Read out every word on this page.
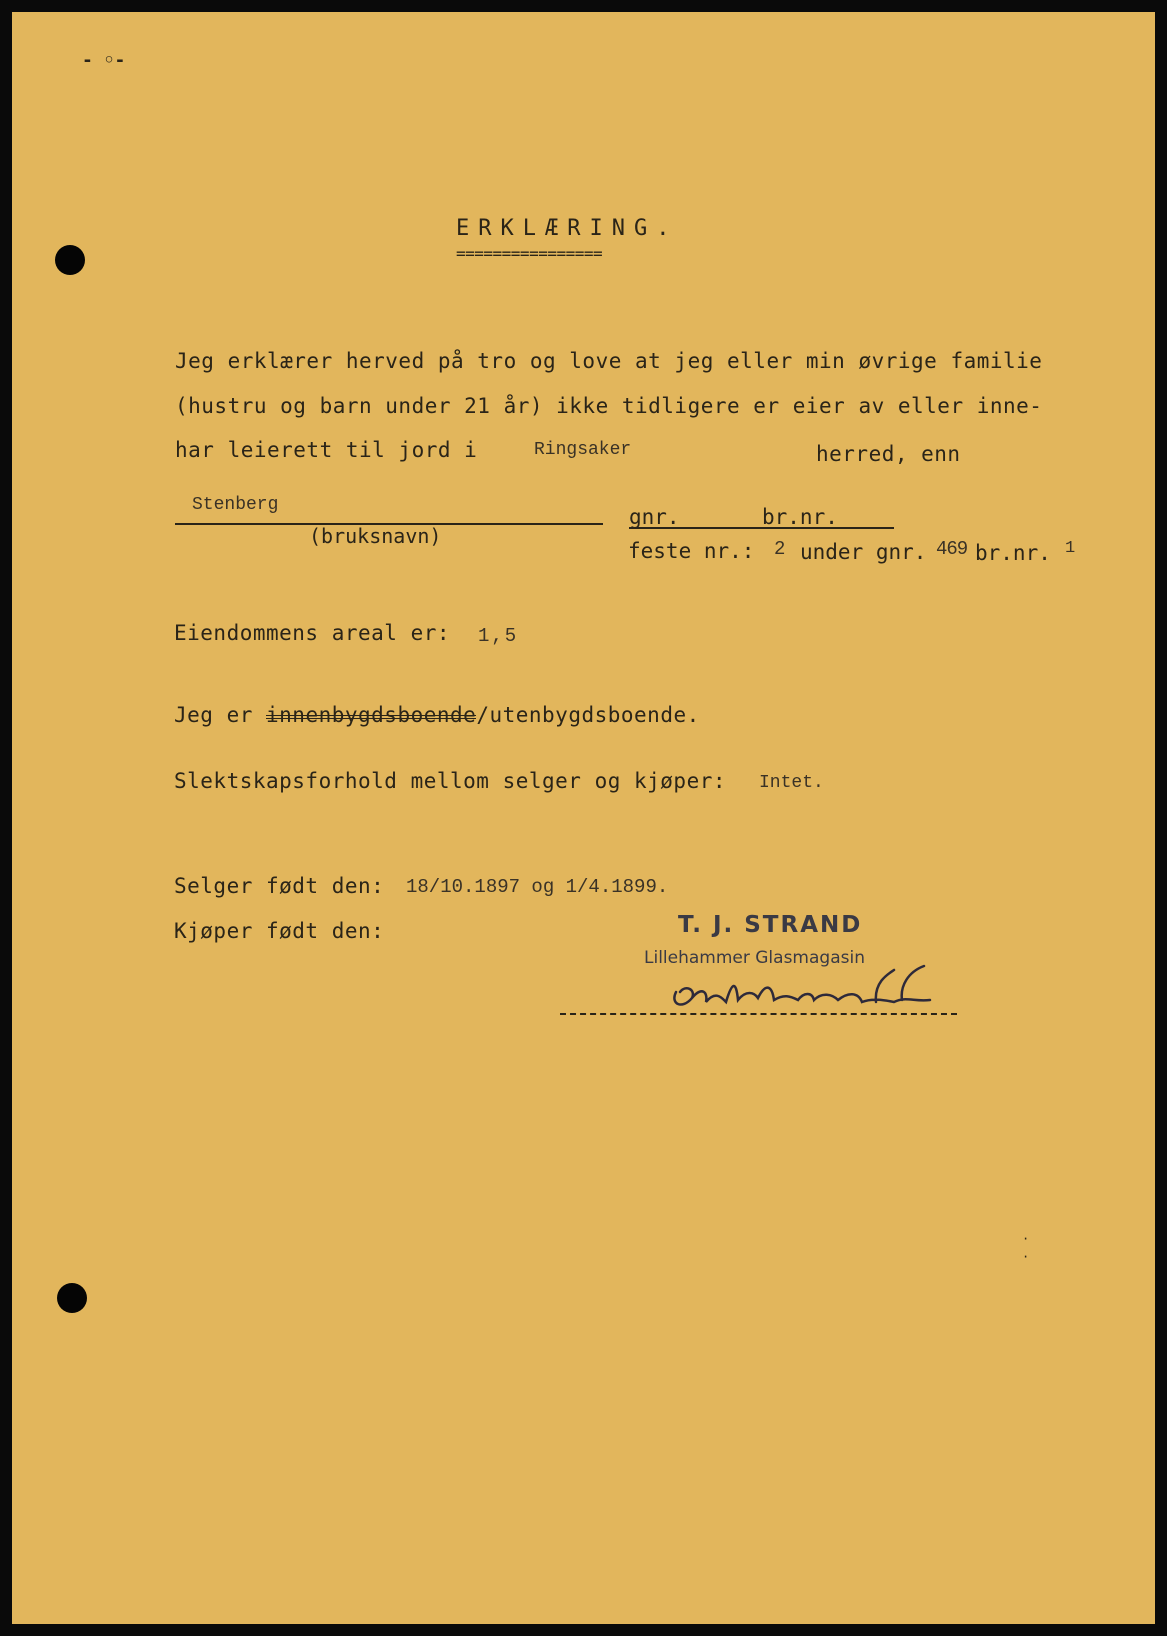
- ◦-
ERKLÆRING.
================
Jeg erklærer herved på tro og love at jeg eller min øvrige familie
(hustru og barn under 21 år) ikke tidligere er eier av eller inne-
har leierett til jord i	Ringsaker	herred, enn
Stenberg
(bruksnavn)
gnr.	br.nr.
feste nr.: 2 under gnr. 469 br.nr. 1
Eiendommens areal er: 1,5
Jeg er innenbygdsboende/utenbygdsboende.
Slektskapsforhold mellom selger og kjøper: Intet.
Selger født den: 18/10.1897 og 1/4.1899.
Kjøper født den:	T. J. STRAND
Lillehammer Glasmagasin
·
·
